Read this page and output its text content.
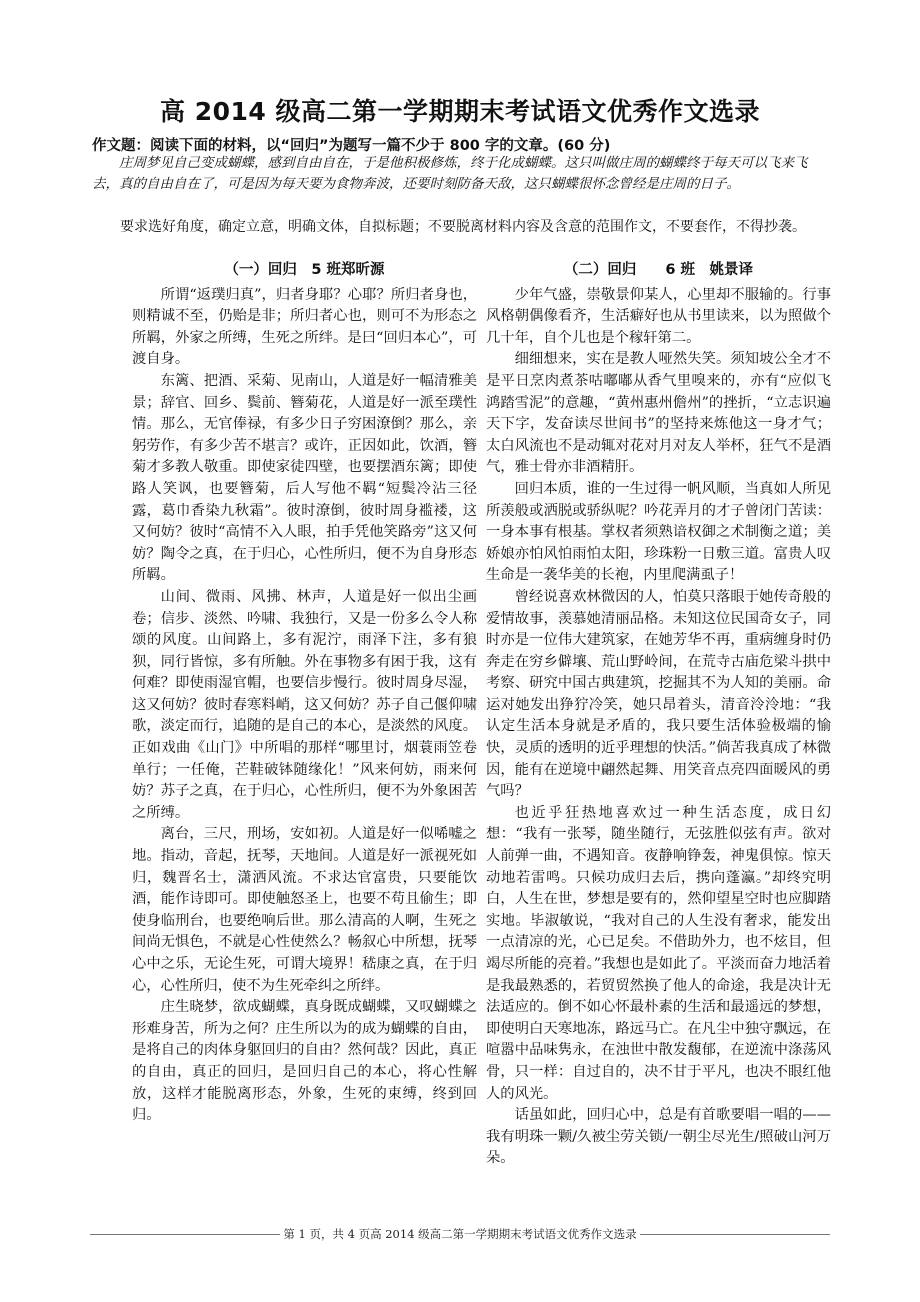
高 2014 级高二第一学期期末考试语文优秀作文选录

作文题：阅读下面的材料，以“回归”为题写一篇不少于 800 字的文章。(60 分)

庄周梦见自己变成蝴蝶，感到自由自在，于是他积极修炼，终于化成蝴蝶。这只叫做庄周的蝴蝶终于每天可以飞来飞去，真的自由自在了，可是因为每天要为食物奔波，还要时刻防备天敌，这只蝴蝶很怀念曾经是庄周的日子。

要求选好角度，确定立意，明确文体，自拟标题；不要脱离材料内容及含意的范围作文，不要套作，不得抄袭。

（一）回归　5 班郑昕源

所谓“返璞归真”，归者身耶？心耶？所归者身也，则精诚不至，仍贻是非；所归者心也，则可不为形态之所羁，外家之所缚，生死之所绊。是曰“回归本心”，可渡自身。

东篱、把酒、采菊、见南山，人道是好一幅清雅美景；辞官、回乡、鬓前、簪菊花，人道是好一派至璞性情。那么，无官俸禄，有多少日子穷困潦倒？那么，亲躬劳作，有多少苦不堪言？或许，正因如此，饮酒，簪菊才多教人敬重。即使家徒四壁，也要摆酒东篱；即使路人笑讽，也要簪菊，后人写他不羁“短鬓冷沾三径露，葛巾香染九秋霜”。彼时潦倒，彼时周身褴褛，这又何妨？彼时“高情不入人眼，拍手凭他笑路旁”这又何妨？陶令之真，在于归心，心性所归，便不为自身形态所羁。

山间、微雨、风拂、林声，人道是好一似出尘画卷；信步、淡然、吟啸、我独行，又是一份多么令人称颂的风度。山间路上，多有泥泞，雨泽下注，多有狼狈，同行皆惊，多有所触。外在事物多有困于我，这有何难？即使雨湿官帽，也要信步慢行。彼时周身尽湿，这又何妨？彼时春寒料峭，这又何妨？苏子自己偃仰啸歌，淡定而行，追随的是自己的本心，是淡然的风度。正如戏曲《山门》中所唱的那样“哪里讨，烟蓑雨笠卷单行；一任俺，芒鞋破钵随缘化！”风来何妨，雨来何妨？苏子之真，在于归心，心性所归，便不为外象困苦之所缚。

离台，三尺，刑场，安如初。人道是好一似唏嘘之地。指动，音起，抚琴，天地间。人道是好一派视死如归，魏晋名士，潇洒风流。不求达官富贵，只要能饮酒，能作诗即可。即使触怒圣上，也要不苟且偷生；即使身临刑台，也要绝响后世。那么清高的人啊，生死之间尚无惧色，不就是心性使然么？畅叙心中所想，抚琴心中之乐，无论生死，可谓大境界！嵇康之真，在于归心，心性所归，使不为生死牵纠之所绊。

庄生晓梦，欲成蝴蝶，真身既成蝴蝶，又叹蝴蝶之形难身苦，所为之何？庄生所以为的成为蝴蝶的自由，是将自己的肉体身躯回归的自由？然何哉？因此，真正的自由，真正的回归，是回归自己的本心，将心性解放，这样才能脱离形态，外象，生死的束缚，终到回归。

（二）回归　　6 班　姚景译

少年气盛，崇敬景仰某人，心里却不服输的。行事风格朝偶像看齐，生活癖好也从书里读来，以为照做个几十年，自个儿也是个稼轩第二。

细细想来，实在是教人哑然失笑。须知坡公全才不是平日烹肉煮茶咕嘟嘟从香气里嗅来的，亦有“应似飞鸿踏雪泥”的意趣，“黄州惠州儋州”的挫折，“立志识遍天下字，发奋读尽世间书”的坚持来炼他这一身才气；太白风流也不是动辄对花对月对友人举杯，狂气不是酒气，雅士骨亦非酒精肝。

回归本质，谁的一生过得一帆风顺，当真如人所见所羡般或洒脱或骄纵呢？吟花弄月的才子曾闭门苦读：一身本事有根基。掌权者须熟谙权御之术制衡之道；美娇娘亦怕风怕雨怕太阳，珍珠粉一日敷三道。富贵人叹生命是一袭华美的长袍，内里爬满虱子！

曾经说喜欢林微因的人，怕莫只落眼于她传奇般的爱情故事，羡慕她清丽品格。未知这位民国奇女子，同时亦是一位伟大建筑家，在她芳华不再，重病缠身时仍奔走在穷乡僻壤、荒山野岭间，在荒寺古庙危梁斗拱中考察、研究中国古典建筑，挖掘其不为人知的美丽。命运对她发出狰狞冷笑，她只昂着头，清音泠泠地：“我认定生活本身就是矛盾的，我只要生活体验极端的愉快，灵质的透明的近乎理想的快活。”倘苦我真成了林微因，能有在逆境中翩然起舞、用笑音点亮四面暖风的勇气吗？

也近乎狂热地喜欢过一种生活态度，成日幻想：“我有一张琴，随坐随行，无弦胜似弦有声。欲对人前弹一曲，不遇知音。夜静响铮轰，神鬼俱惊。惊天动地若雷鸣。只候功成归去后，携向蓬瀛。”却终究明白，人生在世，梦想是要有的，然仰望星空时也应脚踏实地。毕淑敏说，“我对自己的人生没有奢求，能发出一点清凉的光，心已足矣。不借助外力，也不炫目，但竭尽所能的亮着。”我想也是如此了。平淡而奋力地活着是我最熟悉的，若贸贸然换了他人的命途，我是决计无法适应的。倒不如心怀最朴素的生活和最遥远的梦想，即使明白天寒地冻，路远马亡。在凡尘中独守飘远，在喧嚣中品味隽永，在浊世中散发馥郁，在逆流中涤荡风骨，只一样：自过自的，决不甘于平凡，也决不眼红他人的风光。

话虽如此，回归心中，总是有首歌要唱一唱的——我有明珠一颗/久被尘劳关锁/一朝尘尽光生/照破山河万朵。

第 1 页，共 4 页高 2014 级高二第一学期期末考试语文优秀作文选录
